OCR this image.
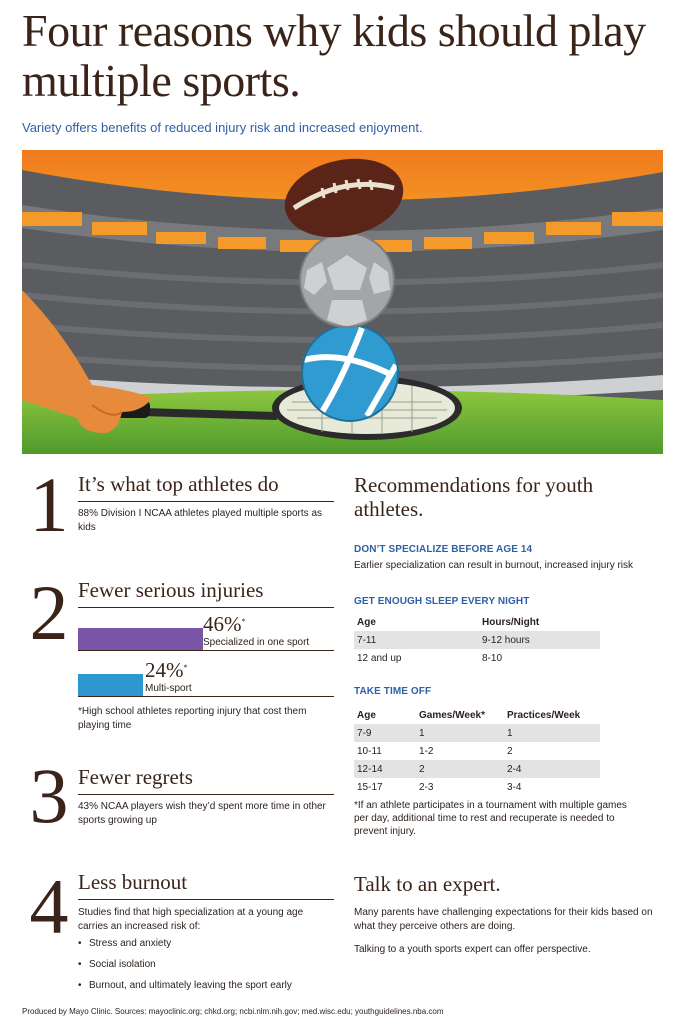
Four reasons why kids should play multiple sports.
Variety offers benefits of reduced injury risk and increased enjoyment.
1 It’s what top athletes do
88% Division I NCAA athletes played multiple sports as kids
2 Fewer serious injuries
46%*
Specialized in one sport
24%*
Multi-sport
*High school athletes reporting injury that cost them playing time
3 Fewer regrets
43% NCAA players wish they’d spent more time in other sports growing up
4 Less burnout
Studies find that high specialization at a young age carries an increased risk of:
• Stress and anxiety
• Social isolation
• Burnout, and ultimately leaving the sport early
Recommendations for youth athletes.
DON’T SPECIALIZE BEFORE AGE 14
Earlier specialization can result in burnout, increased injury risk
GET ENOUGH SLEEP EVERY NIGHT
Age	Hours/Night
7-11	9-12 hours
12 and up	8-10
TAKE TIME OFF
Age	Games/Week*	Practices/Week
7-9	1	1
10-11	1-2	2
12-14	2	2-4
15-17	2-3	3-4
*If an athlete participates in a tournament with multiple games per day, additional time to rest and recuperate is needed to prevent injury.
Talk to an expert.
Many parents have challenging expectations for their kids based on what they perceive others are doing.
Talking to a youth sports expert can offer perspective.
Produced by Mayo Clinic. Sources: mayoclinic.org; chkd.org; ncbi.nlm.nih.gov; med.wisc.edu; youthguidelines.nba.com
